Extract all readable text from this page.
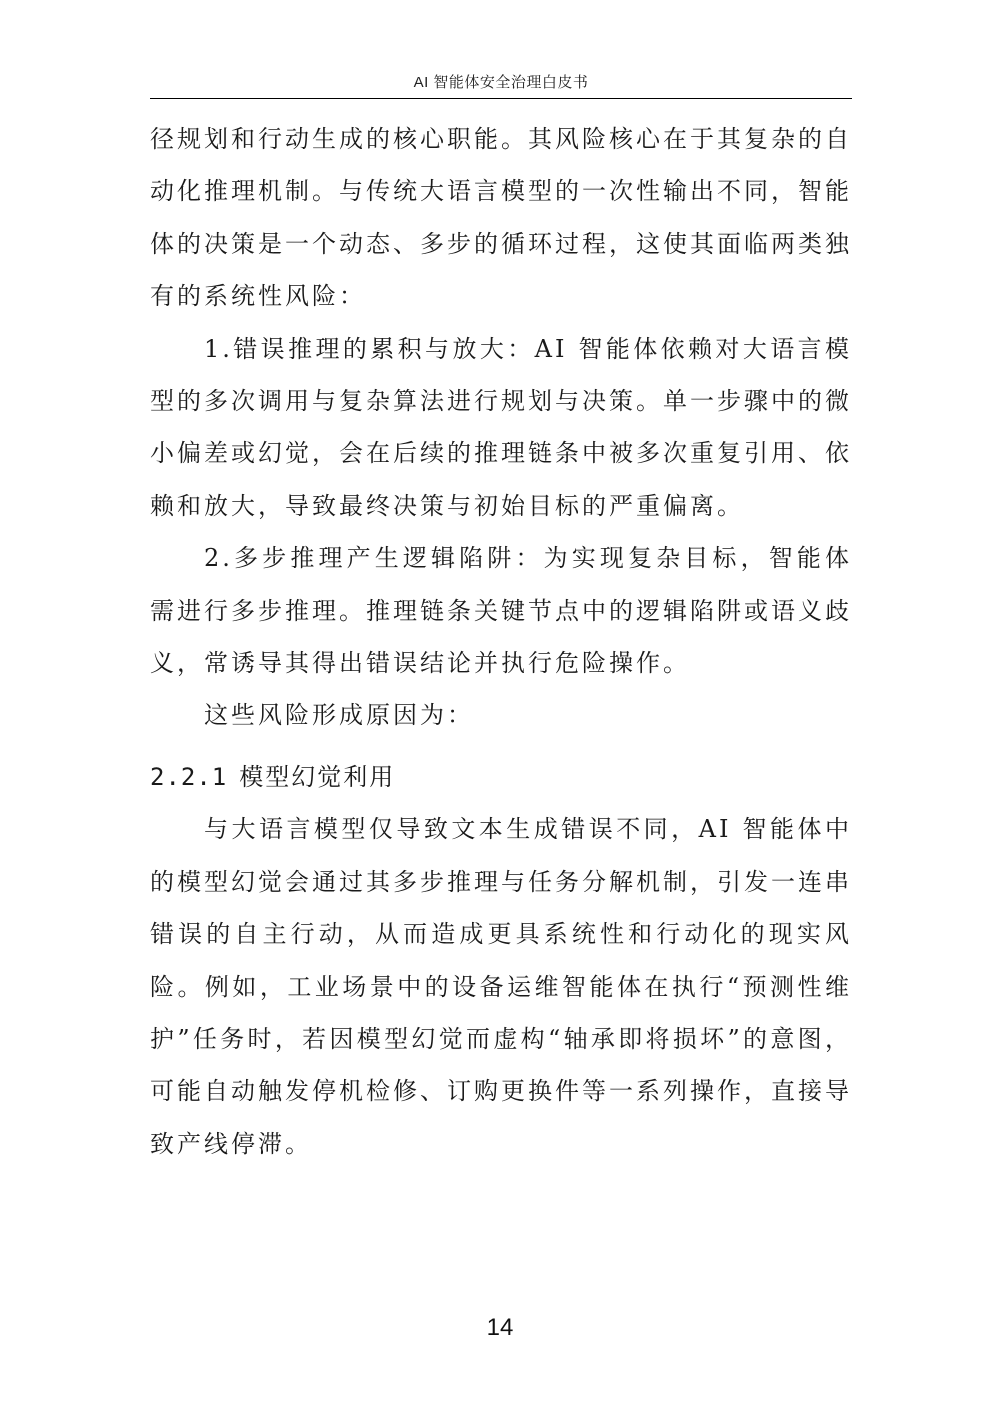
AI 智能体安全治理白皮书

径规划和行动生成的核心职能。其风险核心在于其复杂的自动化推理机制。与传统大语言模型的一次性输出不同，智能体的决策是一个动态、多步的循环过程，这使其面临两类独有的系统性风险：

1.错误推理的累积与放大：AI 智能体依赖对大语言模型的多次调用与复杂算法进行规划与决策。单一步骤中的微小偏差或幻觉，会在后续的推理链条中被多次重复引用、依赖和放大，导致最终决策与初始目标的严重偏离。

2.多步推理产生逻辑陷阱：为实现复杂目标，智能体需进行多步推理。推理链条关键节点中的逻辑陷阱或语义歧义，常诱导其得出错误结论并执行危险操作。

这些风险形成原因为：

2.2.1 模型幻觉利用

与大语言模型仅导致文本生成错误不同，AI 智能体中的模型幻觉会通过其多步推理与任务分解机制，引发一连串错误的自主行动，从而造成更具系统性和行动化的现实风险。例如，工业场景中的设备运维智能体在执行“预测性维护”任务时，若因模型幻觉而虚构“轴承即将损坏”的意图，可能自动触发停机检修、订购更换件等一系列操作，直接导致产线停滞。

14
